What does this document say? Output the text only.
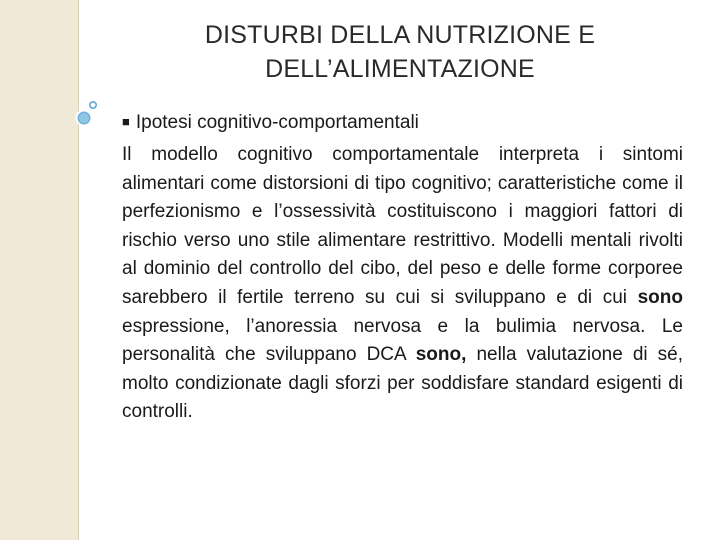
DISTURBI DELLA NUTRIZIONE E
DELL’ALIMENTAZIONE
■ Ipotesi cognitivo-comportamentali

Il modello cognitivo comportamentale interpreta i sintomi alimentari come distorsioni di tipo cognitivo; caratteristiche come il perfezionismo e l’ossessività costituiscono i maggiori fattori di rischio verso uno stile alimentare restrittivo. Modelli mentali rivolti al dominio del controllo del cibo, del peso e delle forme corporee sarebbero il fertile terreno su cui si sviluppano e di cui sono espressione, l’anoressia nervosa e la bulimia nervosa. Le personalità che sviluppano DCA sono, nella valutazione di sé, molto condizionate dagli sforzi per soddisfare standard esigenti di controlli.
